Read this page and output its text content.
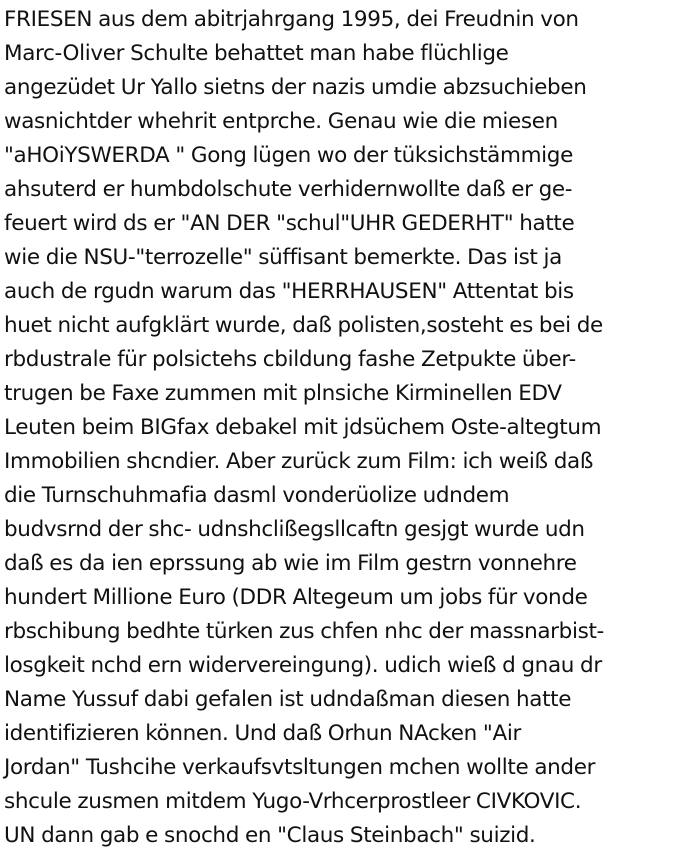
FRIESEN aus dem abitrjahrgang 1995, dei Freudnin von
Marc-Oliver Schulte behattet man habe flüchlige
angezüdet Ur Yallo sietns der nazis umdie abzsuchieben
wasnichtder whehrit entprche. Genau wie die miesen
"aHOiYSWERDA " Gong lügen wo der tüksichstämmige
ahsuterd er humbdolschute verhidernwollte daß er ge-
feuert wird ds er "AN DER "schul"UHR GEDERHT" hatte
wie die NSU-"terrozelle" süffisant bemerkte. Das ist ja
auch de rgudn warum das "HERRHAUSEN" Attentat bis
huet nicht aufgklärt wurde, daß polisten,sosteht es bei de
rbdustrale für polsictehs cbildung fashe Zetpukte über-
trugen be Faxe zummen mit plnsiche Kirminellen EDV
Leuten beim BIGfax debakel mit jdsüchem Oste-altegtum
Immobilien shcndier. Aber zurück zum Film: ich weiß daß
die Turnschuhmafia dasml vonderüolize udndem
budvsrnd der shc- udnshclißegsllcaftn gesjgt wurde udn
daß es da ien eprssung ab wie im Film gestrn vonnehre
hundert Millione Euro (DDR Altegeum um jobs für vonde
rbschibung bedhte türken zus chfen nhc der massnarbist-
losgkeit nchd ern widervereingung). udich wieß d gnau dr
Name Yussuf dabi gefalen ist udndaßman diesen hatte
identifizieren können. Und daß Orhun NAcken "Air
Jordan" Tushcihe verkaufsvtsltungen mchen wollte ander
shcule zusmen mitdem Yugo-Vrhcerprostleer CIVKOVIC.
UN dann gab e snochd en "Claus Steinbach" suizid.
